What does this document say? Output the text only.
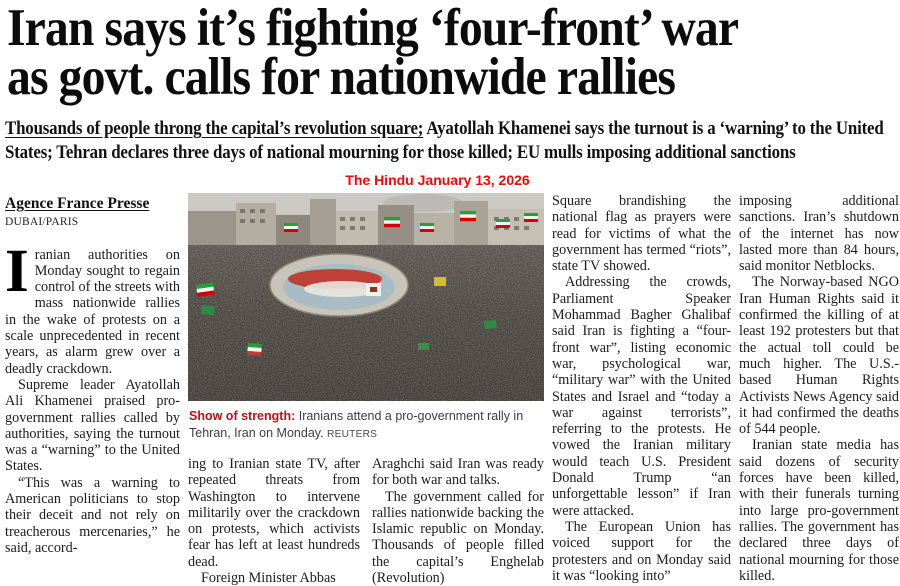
Iran says it’s fighting ‘four-front’ war
as govt. calls for nationwide rallies
Thousands of people throng the capital’s revolution square; Ayatollah Khamenei says the turnout is a ‘warning’ to the United States; Tehran declares three days of national mourning for those killed; EU mulls imposing additional sanctions
The Hindu January 13, 2026
Agence France Presse
DUBAI/PARIS

Iranian authorities on Monday sought to regain control of the streets with mass nationwide rallies in the wake of protests on a scale unprecedented in recent years, as alarm grew over a deadly crackdown.

Supreme leader Ayatollah Ali Khamenei praised pro-government rallies called by authorities, saying the turnout was a “warning” to the United States.

“This was a warning to American politicians to stop their deceit and not rely on treacherous mercenaries,” he said, accord-

Show of strength: Iranians attend a pro-government rally in Tehran, Iran on Monday. REUTERS

ing to Iranian state TV, after repeated threats from Washington to intervene militarily over the crackdown on protests, which activists fear has left at least hundreds dead.

Foreign Minister Abbas

Araghchi said Iran was ready for both war and talks.

The government called for rallies nationwide backing the Islamic republic on Monday. Thousands of people filled the capital’s Enghelab (Revolution)

Square brandishing the national flag as prayers were read for victims of what the government has termed “riots”, state TV showed.

Addressing the crowds, Parliament Speaker Mohammad Bagher Ghalibaf said Iran is fighting a “four-front war”, listing economic war, psychological war, “military war” with the United States and Israel and “today a war against terrorists”, referring to the protests. He vowed the Iranian military would teach U.S. President Donald Trump “an unforgettable lesson” if Iran were attacked.

The European Union has voiced support for the protesters and on Monday said it was “looking into”

imposing additional sanctions. Iran’s shutdown of the internet has now lasted more than 84 hours, said monitor Netblocks.

The Norway-based NGO Iran Human Rights said it confirmed the killing of at least 192 protesters but that the actual toll could be much higher. The U.S.-based Human Rights Activists News Agency said it had confirmed the deaths of 544 people.

Iranian state media has said dozens of security forces have been killed, with their funerals turning into large pro-government rallies. The government has declared three days of national mourning for those killed.
